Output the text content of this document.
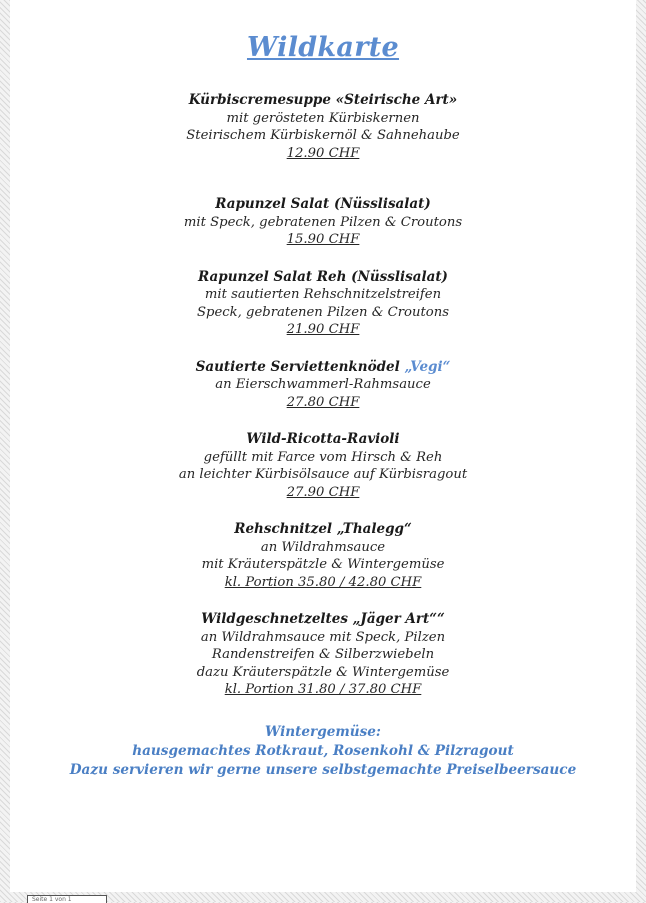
Wildkarte
Kürbiscremesuppe «Steirische Art»
mit gerösteten Kürbiskernen
Steirischem Kürbiskernöl & Sahnehaube
12.90 CHF
Rapunzel Salat (Nüsslisalat)
mit Speck, gebratenen Pilzen & Croutons
15.90 CHF
Rapunzel Salat Reh (Nüsslisalat)
mit sautierten Rehschnitzelstreifen
Speck, gebratenen Pilzen & Croutons
21.90 CHF
Sautierte Serviettenknödel „Vegi“
an Eierschwammerl-Rahmsauce
27.80 CHF
Wild-Ricotta-Ravioli
gefüllt mit Farce vom Hirsch & Reh
an leichter Kürbisölsauce auf Kürbisragout
27.90 CHF
Rehschnitzel „Thalegg“
an Wildrahmsauce
mit Kräuterspätzle & Wintergemüse
kl. Portion 35.80 / 42.80 CHF
Wildgeschnetzeltes „Jäger Art““
an Wildrahmsauce mit Speck, Pilzen
Randenstreifen & Silberzwiebeln
dazu Kräuterspätzle & Wintergemüse
kl. Portion 31.80 / 37.80 CHF
Wintergemüse:
hausgemachtes Rotkraut, Rosenkohl & Pilzragout
Dazu servieren wir gerne unsere selbstgemachte Preiselbeersauce
Seite 1 von 1
